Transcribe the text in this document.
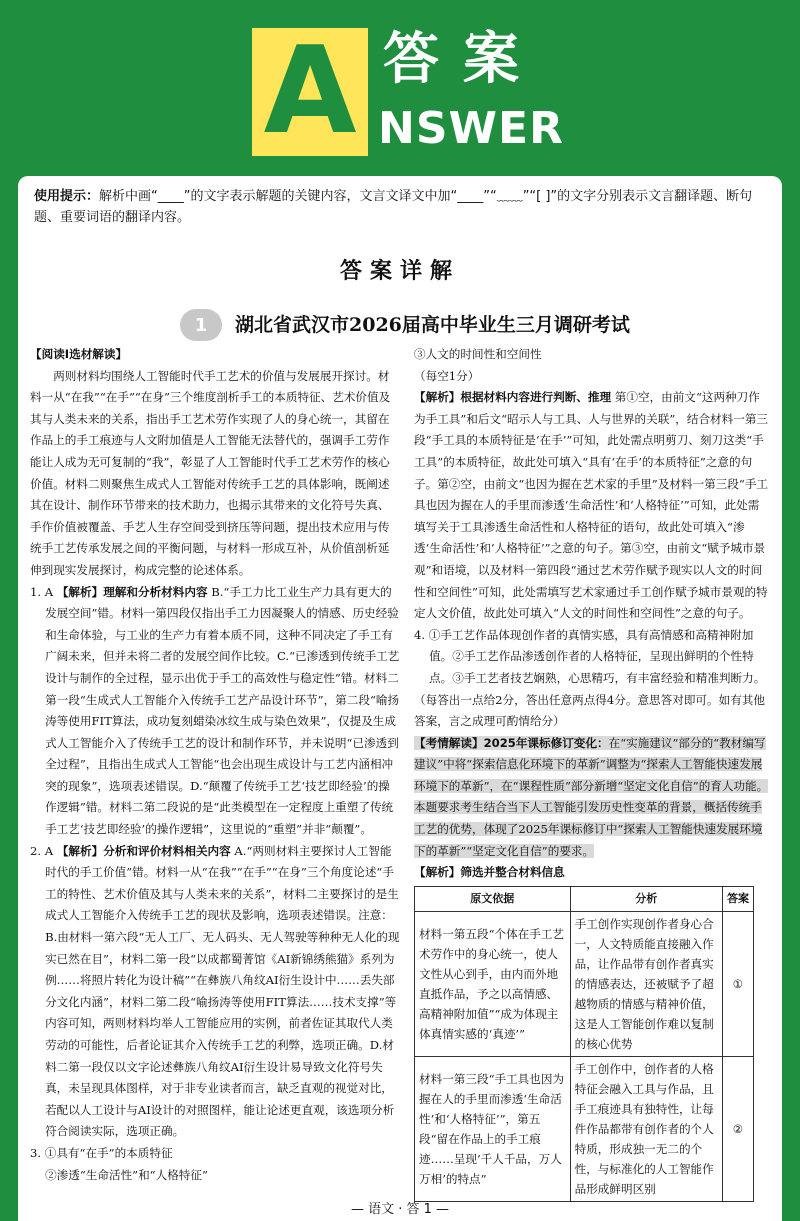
A 答案
NSWER
使用提示：解析中画“____”的文字表示解题的关键内容，文言文译文中加“____”“﹏﹏”“[ ]”的文字分别表示文言翻译题、断句题、重要词语的翻译内容。
答案详解
1	湖北省武汉市2026届高中毕业生三月调研考试

【阅读Ⅰ选材解读】

两则材料均围绕人工智能时代手工艺术的价值与发展展开探讨。材料一从“在我”“在手”“在身”三个维度剖析手工的本质特征、艺术价值及其与人类未来的关系，指出手工艺术劳作实现了人的身心统一，其留在作品上的手工痕迹与人文附加值是人工智能无法替代的，强调手工劳作能让人成为无可复制的“我”，彰显了人工智能时代手工艺术劳作的核心价值。材料二则聚焦生成式人工智能对传统手工艺的具体影响，既阐述其在设计、制作环节带来的技术助力，也揭示其带来的文化符号失真、手作价值被覆盖、手艺人生存空间受到挤压等问题，提出技术应用与传统手工艺传承发展之间的平衡问题，与材料一形成互补，从价值剖析延伸到现实发展探讨，构成完整的论述体系。

1. A 【解析】理解和分析材料内容 B.“手工力比工业生产力具有更大的发展空间”错。材料一第四段仅指出手工力因凝聚人的情感、历史经验和生命体验，与工业的生产力有着本质不同，这种不同决定了手工有广阔未来，但并未将二者的发展空间作比较。C.“已渗透到传统手工艺设计与制作的全过程，显示出优于手工的高效性与稳定性”错。材料二第一段“生成式人工智能介入传统手工艺产品设计环节”，第二段“喻扬涛等使用FIT算法，成功复刻蜡染冰纹生成与染色效果”，仅提及生成式人工智能介入了传统手工艺的设计和制作环节，并未说明“已渗透到全过程”，且指出生成式人工智能“也会出现生成设计与工艺内涵相冲突的现象”，选项表述错误。D.“颠覆了传统手工艺‘技艺即经验’的操作逻辑”错。材料二第二段说的是“此类模型在一定程度上重塑了传统手工艺‘技艺即经验’的操作逻辑”，这里说的“重塑”并非“颠覆”。

2. A 【解析】分析和评价材料相关内容 A.“两则材料主要探讨人工智能时代的手工价值”错。材料一从“在我”“在手”“在身”三个角度论述“手工的特性、艺术价值及其与人类未来的关系”，材料二主要探讨的是生成式人工智能介入传统手工艺的现状及影响，选项表述错误。注意：B.由材料一第六段“无人工厂、无人码头、无人驾驶等种种无人化的现实已然在目”，材料二第一段“以成都蜀菁馆《AI新锦绣熊猫》系列为例……将照片转化为设计稿”“在彝族八角纹AI衍生设计中……丢失部分文化内涵”，材料二第二段“喻扬涛等使用FIT算法……技术支撑”等内容可知，两则材料均举人工智能应用的实例，前者佐证其取代人类劳动的可能性，后者论证其介入传统手工艺的利弊，选项正确。D.材料二第一段仅以文字论述彝族八角纹AI衍生设计易导致文化符号失真，未呈现具体图样，对于非专业读者而言，缺乏直观的视觉对比，若配以人工设计与AI设计的对照图样，能让论述更直观，该选项分析符合阅读实际，选项正确。

3. ①具有“在手”的本质特征

②渗透“生命活性”和“人格特征”

③人文的时间性和空间性

（每空1分）

【解析】根据材料内容进行判断、推理 第①空，由前文“这两种刀作为手工具”和后文“昭示人与工具、人与世界的关联”，结合材料一第三段“手工具的本质特征是‘在手’”可知，此处需点明剪刀、刻刀这类“手工具”的本质特征，故此处可填入“具有‘在手’的本质特征”之意的句子。第②空，由前文“也因为握在艺术家的手里”及材料一第三段“手工具也因为握在人的手里而渗透‘生命活性’和‘人格特征’”可知，此处需填写关于工具渗透生命活性和人格特征的语句，故此处可填入“渗透‘生命活性’和‘人格特征’”之意的句子。第③空，由前文“赋予城市景观”和语境，以及材料一第四段“通过艺术劳作赋予现实以人文的时间性和空间性”可知，此处需填写艺术家通过手工创作赋予城市景观的特定人文价值，故此处可填入“人文的时间性和空间性”之意的句子。

4. ①手工艺作品体现创作者的真情实感，具有高情感和高精神附加值。②手工艺作品渗透创作者的人格特征，呈现出鲜明的个性特点。③手工艺者技艺娴熟，心思精巧，有丰富经验和精准判断力。

（每答出一点给2分，答出任意两点得4分。意思答对即可。如有其他答案，言之成理可酌情给分）

【考情解读】2025年课标修订变化：在“实施建议”部分的“教材编写建议”中将“探索信息化环境下的革新”调整为“探索人工智能快速发展环境下的革新”，在“课程性质”部分新增“坚定文化自信”的育人功能。

本题要求考生结合当下人工智能引发历史性变革的背景，概括传统手工艺的优势，体现了2025年课标修订中“探索人工智能快速发展环境下的革新”“坚定文化自信”的要求。

【解析】筛选并整合材料信息

原文依据	分析	答案
材料一第五段“个体在手工艺术劳作中的身心统一，使人文性从心到手，由内而外地直抵作品，予之以高情感、高精神附加值”“成为体现主体真情实感的‘真迹’”	手工创作实现创作者身心合一，人文特质能直接融入作品，让作品带有创作者真实的情感表达，还被赋予了超越物质的情感与精神价值，这是人工智能创作难以复制的核心优势	①
材料一第三段“手工具也因为握在人的手里而渗透‘生命活性’和‘人格特征’”，第五段“留在作品上的手工痕迹……呈现‘千人千品，万人万相’的特点”	手工创作中，创作者的人格特征会融入工具与作品，且手工痕迹具有独特性，让每件作品都带有创作者的个人特质，形成独一无二的个性，与标准化的人工智能作品形成鲜明区别	②
— 语文 · 答 1 —
